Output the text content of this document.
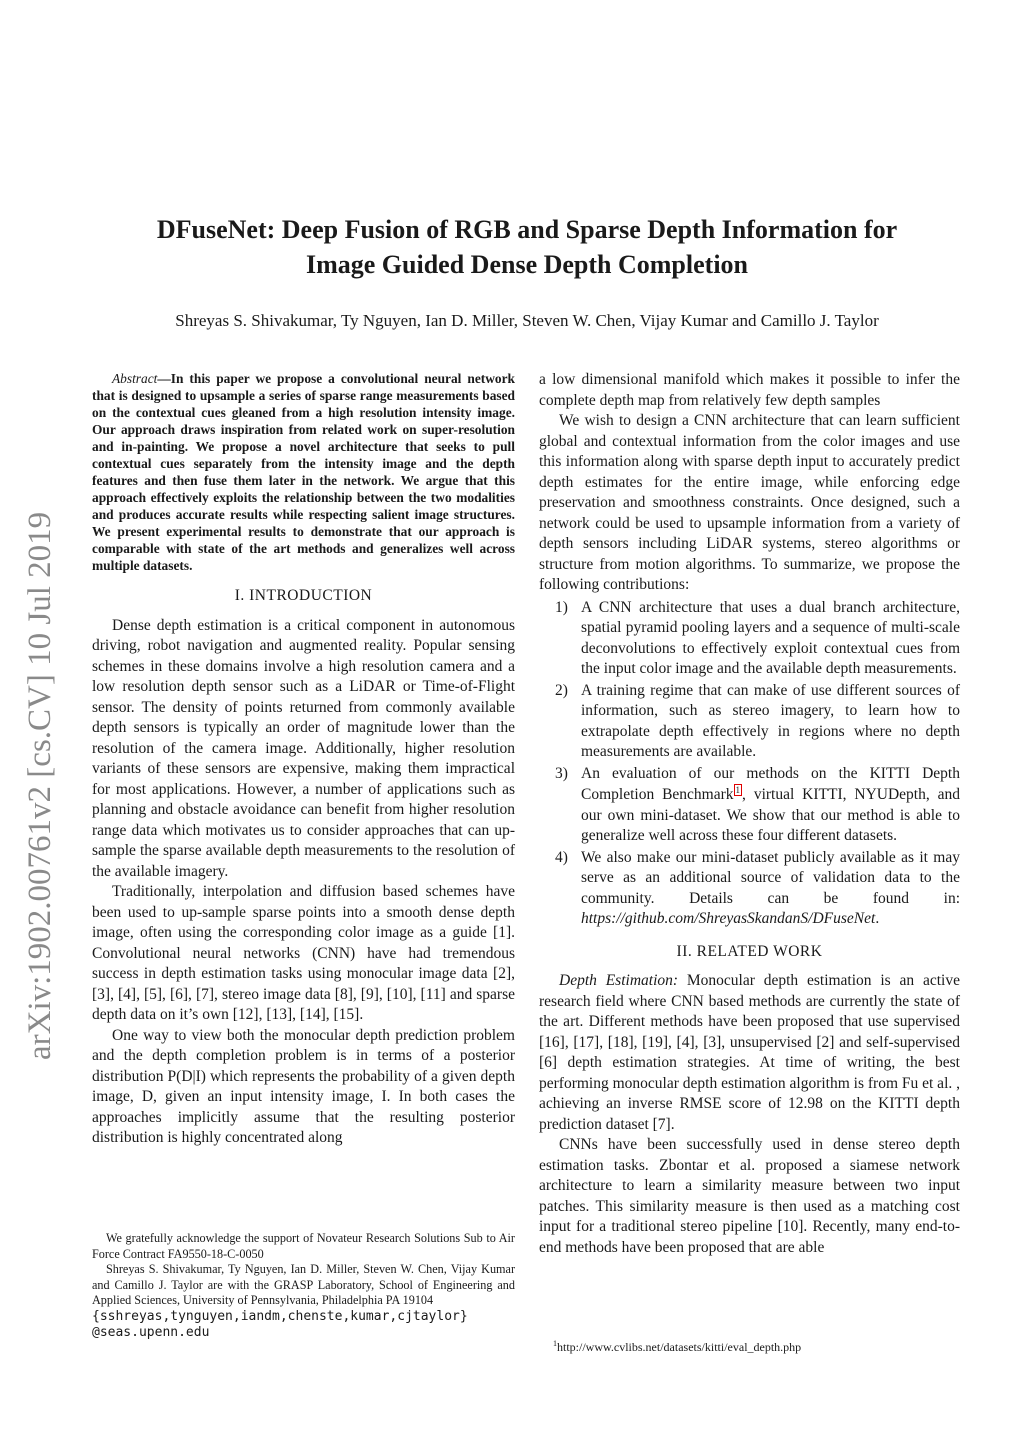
DFuseNet: Deep Fusion of RGB and Sparse Depth Information for
Image Guided Dense Depth Completion
Shreyas S. Shivakumar, Ty Nguyen, Ian D. Miller, Steven W. Chen, Vijay Kumar and Camillo J. Taylor
arXiv:1902.00761v2 [cs.CV] 10 Jul 2019

Abstract—In this paper we propose a convolutional neural network that is designed to upsample a series of sparse range measurements based on the contextual cues gleaned from a high resolution intensity image. Our approach draws inspiration from related work on super-resolution and in-painting. We propose a novel architecture that seeks to pull contextual cues separately from the intensity image and the depth features and then fuse them later in the network. We argue that this approach effectively exploits the relationship between the two modalities and produces accurate results while respecting salient image structures. We present experimental results to demonstrate that our approach is comparable with state of the art methods and generalizes well across multiple datasets.

I. INTRODUCTION

Dense depth estimation is a critical component in autonomous driving, robot navigation and augmented reality. Popular sensing schemes in these domains involve a high resolution camera and a low resolution depth sensor such as a LiDAR or Time-of-Flight sensor. The density of points returned from commonly available depth sensors is typically an order of magnitude lower than the resolution of the camera image. Additionally, higher resolution variants of these sensors are expensive, making them impractical for most applications. However, a number of applications such as planning and obstacle avoidance can benefit from higher resolution range data which motivates us to consider approaches that can up-sample the sparse available depth measurements to the resolution of the available imagery.

Traditionally, interpolation and diffusion based schemes have been used to up-sample sparse points into a smooth dense depth image, often using the corresponding color image as a guide [1]. Convolutional neural networks (CNN) have had tremendous success in depth estimation tasks using monocular image data [2], [3], [4], [5], [6], [7], stereo image data [8], [9], [10], [11] and sparse depth data on it’s own [12], [13], [14], [15].

One way to view both the monocular depth prediction problem and the depth completion problem is in terms of a posterior distribution P(D|I) which represents the probability of a given depth image, D, given an input intensity image, I. In both cases the approaches implicitly assume that the resulting posterior distribution is highly concentrated along

We gratefully acknowledge the support of Novateur Research Solutions Sub to Air Force Contract FA9550-18-C-0050

Shreyas S. Shivakumar, Ty Nguyen, Ian D. Miller, Steven W. Chen, Vijay Kumar and Camillo J. Taylor are with the GRASP Laboratory, School of Engineering and Applied Sciences, University of Pennsylvania, Philadelphia PA 19104

{sshreyas,tynguyen,iandm,chenste,kumar,cjtaylor}
@seas.upenn.edu

a low dimensional manifold which makes it possible to infer the complete depth map from relatively few depth samples

We wish to design a CNN architecture that can learn sufficient global and contextual information from the color images and use this information along with sparse depth input to accurately predict depth estimates for the entire image, while enforcing edge preservation and smoothness constraints. Once designed, such a network could be used to upsample information from a variety of depth sensors including LiDAR systems, stereo algorithms or structure from motion algorithms. To summarize, we propose the following contributions:

1) A CNN architecture that uses a dual branch architecture, spatial pyramid pooling layers and a sequence of multi-scale deconvolutions to effectively exploit contextual cues from the input color image and the available depth measurements.
2) A training regime that can make of use different sources of information, such as stereo imagery, to learn how to extrapolate depth effectively in regions where no depth measurements are available.
3) An evaluation of our methods on the KITTI Depth Completion Benchmark 1 , virtual KITTI, NYUDepth, and our own mini-dataset. We show that our method is able to generalize well across these four different datasets.
4) We also make our mini-dataset publicly available as it may serve as an additional source of validation data to the community. Details can be found in: https://github.com/ShreyasSkandanS/DFuseNet.
II. RELATED WORK

Depth Estimation: Monocular depth estimation is an active research field where CNN based methods are currently the state of the art. Different methods have been proposed that use supervised [16], [17], [18], [19], [4], [3], unsupervised [2] and self-supervised [6] depth estimation strategies. At time of writing, the best performing monocular depth estimation algorithm is from Fu et al. , achieving an inverse RMSE score of 12.98 on the KITTI depth prediction dataset [7].

CNNs have been successfully used in dense stereo depth estimation tasks. Zbontar et al. proposed a siamese network architecture to learn a similarity measure between two input patches. This similarity measure is then used as a matching cost input for a traditional stereo pipeline [10]. Recently, many end-to-end methods have been proposed that are able

$^1$http://www.cvlibs.net/datasets/kitti/eval_depth.php
